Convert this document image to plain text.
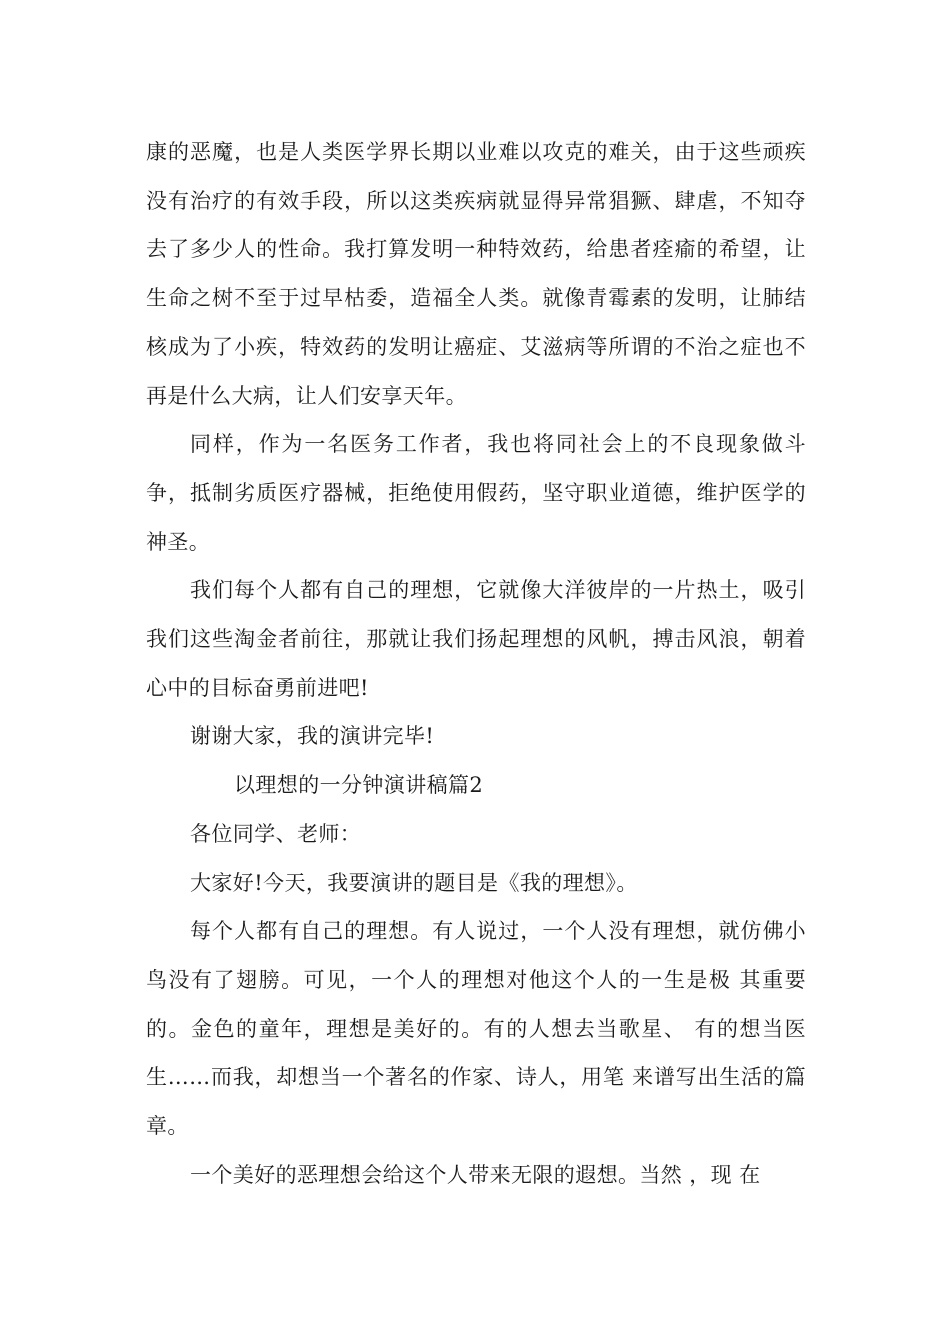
康的恶魔，也是人类医学界长期以业难以攻克的难关，由于这些顽疾没有治疗的有效手段，所以这类疾病就显得异常猖獗、肆虐，不知夺去了多少人的性命。我打算发明一种特效药，给患者痊瘉的希望，让生命之树不至于过早枯委，造福全人类。就像青霉素的发明，让肺结核成为了小疾，特效药的发明让癌症、艾滋病等所谓的不治之症也不再是什么大病，让人们安享天年。

同样，作为一名医务工作者，我也将同社会上的不良现象做斗争，抵制劣质医疗器械，拒绝使用假药，坚守职业道德，维护医学的神圣。

我们每个人都有自己的理想，它就像大洋彼岸的一片热土，吸引我们这些淘金者前往，那就让我们扬起理想的风帆，搏击风浪，朝着心中的目标奋勇前进吧!

谢谢大家，我的演讲完毕!

以理想的一分钟演讲稿篇2

各位同学、老师：

大家好!今天，我要演讲的题目是《我的理想》。

每个人都有自己的理想。有人说过，一个人没有理想，就仿佛小鸟没有了翅膀。可见，一个人的理想对他这个人的一生是极 其重要的。金色的童年，理想是美好的。有的人想去当歌星、 有的想当医生……而我，却想当一个著名的作家、诗人，用笔 来谱写出生活的篇章。

一个美好的恶理想会给这个人带来无限的遐想。当然 ，现 在
